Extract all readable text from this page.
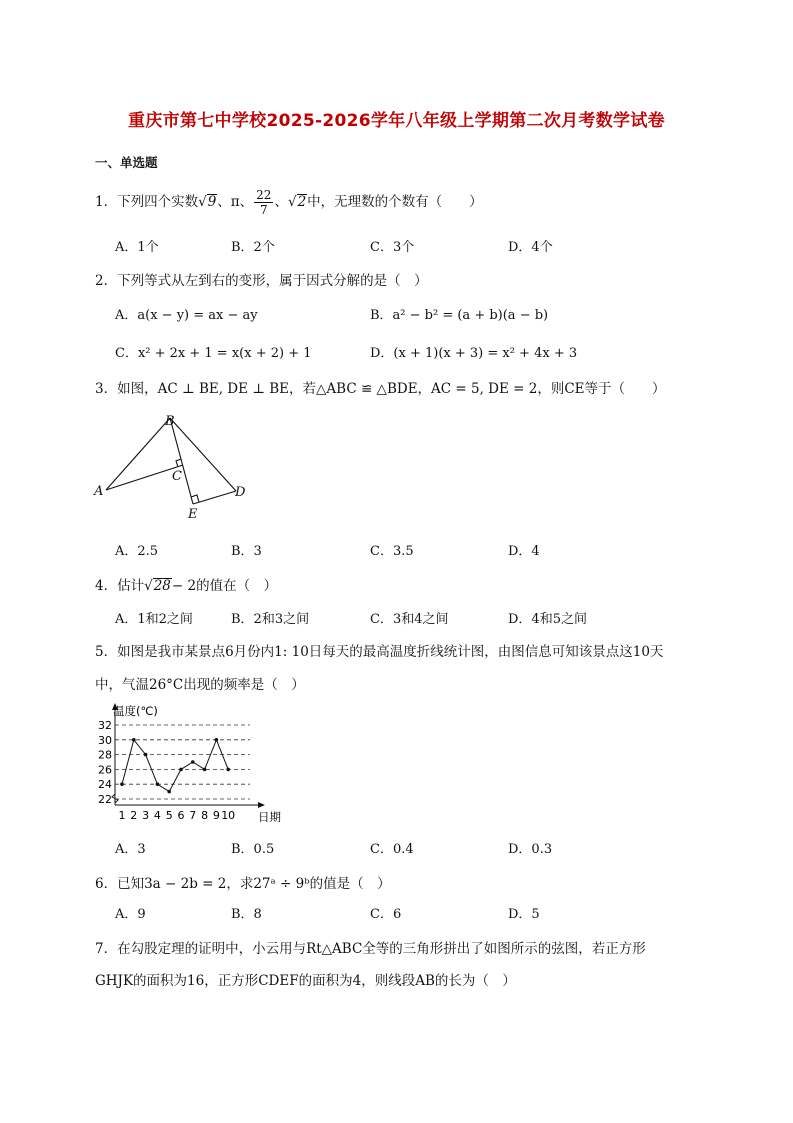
重庆市第七中学校2025-2026学年八年级上学期第二次月考数学试卷
一、单选题
1．下列四个实数√9、π、 $\frac{22}{7}$ 、√2中，无理数的个数有（　　）
A．1个	B．2个	C．3个	D．4个
2．下列等式从左到右的变形，属于因式分解的是（　）
A．a(x − y) = ax − ay	B．a² − b² = (a + b)(a − b)
C．x² + 2x + 1 = x(x + 2) + 1	D．(x + 1)(x + 3) = x² + 4x + 3
3．如图，AC ⊥ BE, DE ⊥ BE，若△ABC ≌ △BDE，AC = 5, DE = 2，则CE等于（　　）
B
A
C
D
E
A．2.5	B．3	C．3.5	D．4
4．估计√28− 2的值在（　）
A．1和2之间	B．2和3之间	C．3和4之间	D．4和5之间
5．如图是我市某景点6月份内1: 10日每天的最高温度折线统计图，由图信息可知该景点这10天
中，气温26°C出现的频率是（　）
22
24
26
28
30
32
温度(℃)
日期
1 2 3 4 5 6 7 8 9 10
A．3	B．0.5	C．0.4	D．0.3
6．已知3a − 2b = 2，求27ᵃ ÷ 9ᵇ的值是（　）
A．9	B．8	C．6	D．5
7．在勾股定理的证明中，小云用与Rt△ABC全等的三角形拼出了如图所示的弦图，若正方形
GHJK的面积为16，正方形CDEF的面积为4，则线段AB的长为（　）
